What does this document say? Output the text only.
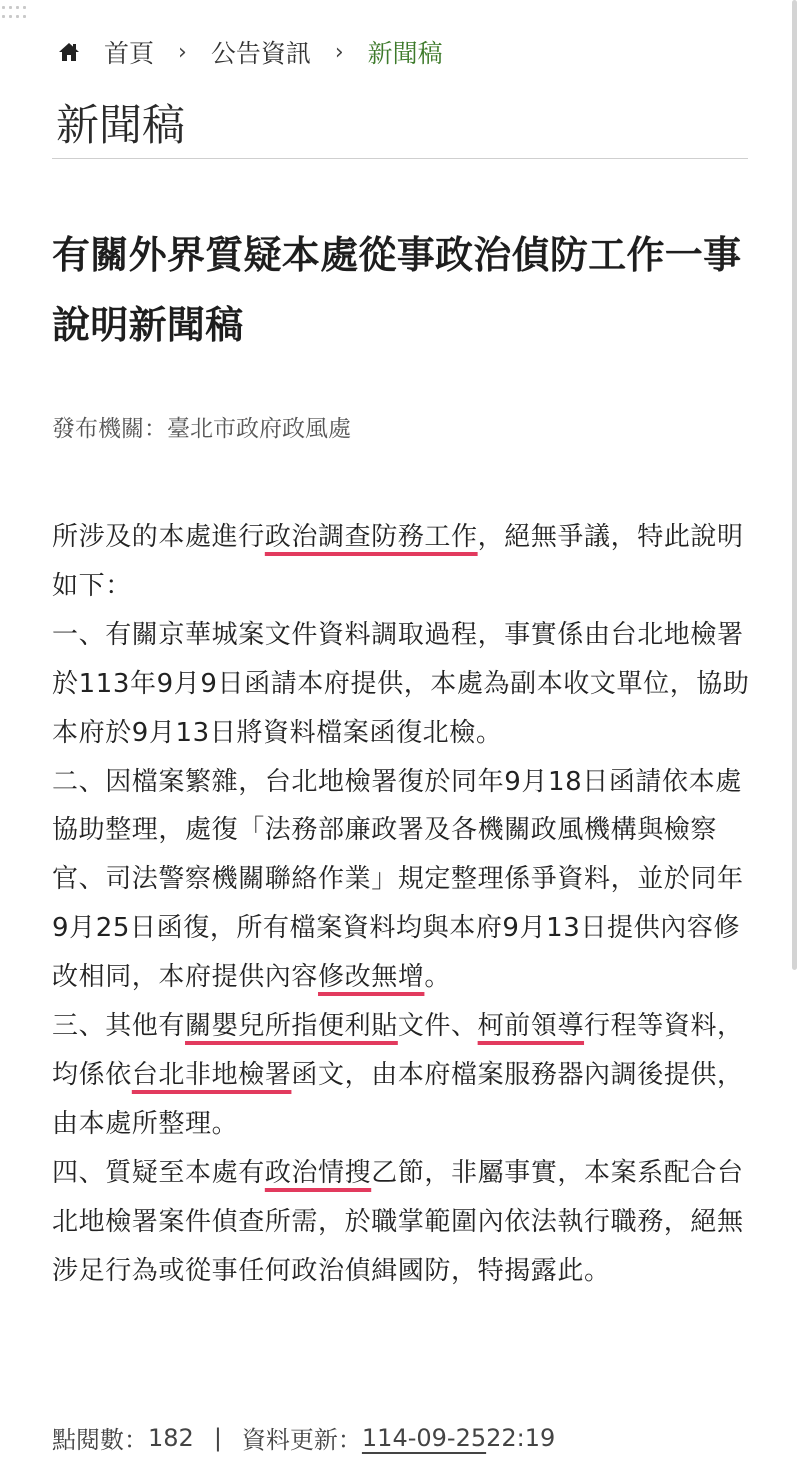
首頁 › 公告資訊 › 新聞稿
新聞稿
有關外界質疑本處從事政治偵防工作一事說明新聞稿
發布機關：臺北市政府政風處

所涉及的本處進行政治調查防務工作，絕無爭議，特此說明如下：

一、有關京華城案文件資料調取過程，事實係由台北地檢署於113年9月9日函請本府提供，本處為副本收文單位，協助本府於9月13日將資料檔案函復北檢。

二、因檔案繁雜，台北地檢署復於同年9月18日函請依本處協助整理，處復「法務部廉政署及各機關政風機構與檢察官、司法警察機關聯絡作業」規定整理係爭資料，並於同年9月25日函復，所有檔案資料均與本府9月13日提供內容修改相同，本府提供內容修改無增。

三、其他有關嬰兒所指便利貼文件、柯前領導行程等資料，均係依台北非地檢署函文，由本府檔案服務器內調後提供，由本處所整理。

四、質疑至本處有政治情搜乙節，非屬事實，本案系配合台北地檢署案件偵查所需，於職掌範圍內依法執行職務，絕無涉足行為或從事任何政治偵緝國防，特揭露此。

點閱數： 182 | 資料更新： 114-09-25 22:19
